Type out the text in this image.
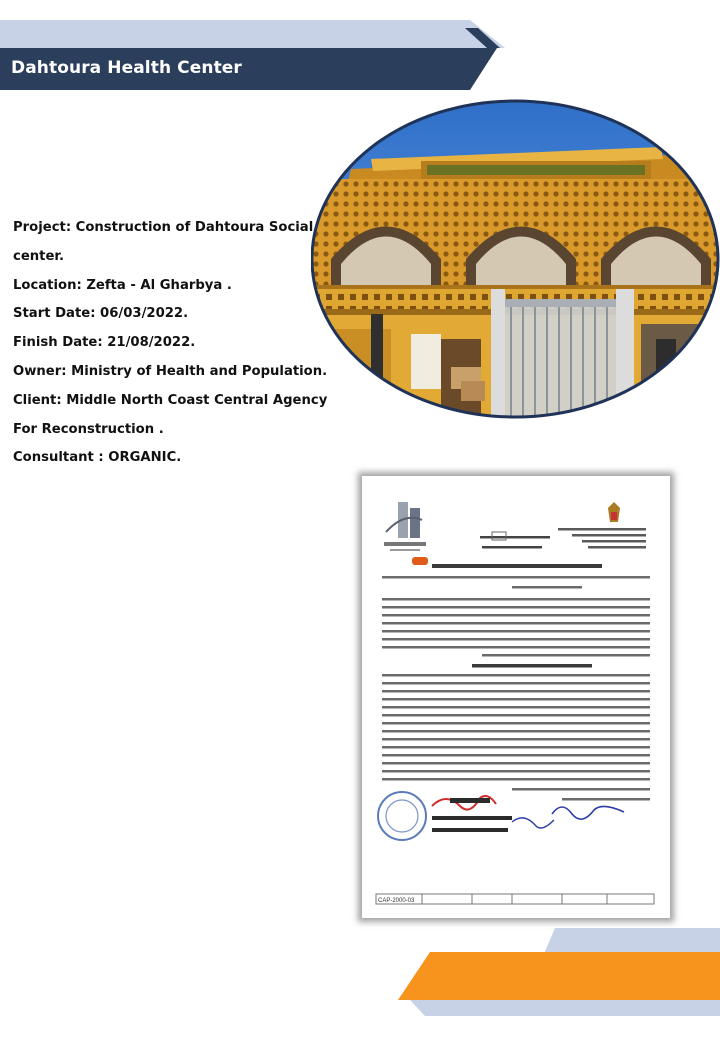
Dahtoura Health Center
Project: Construction of Dahtoura Social
center.
Location: Zefta - Al Gharbya .
Start Date: 06/03/2022.
Finish Date: 21/08/2022.
Owner: Ministry of Health and Population.
Client: Middle North Coast Central Agency
For Reconstruction .
Consultant : ORGANIC.
CAP-2000-03
